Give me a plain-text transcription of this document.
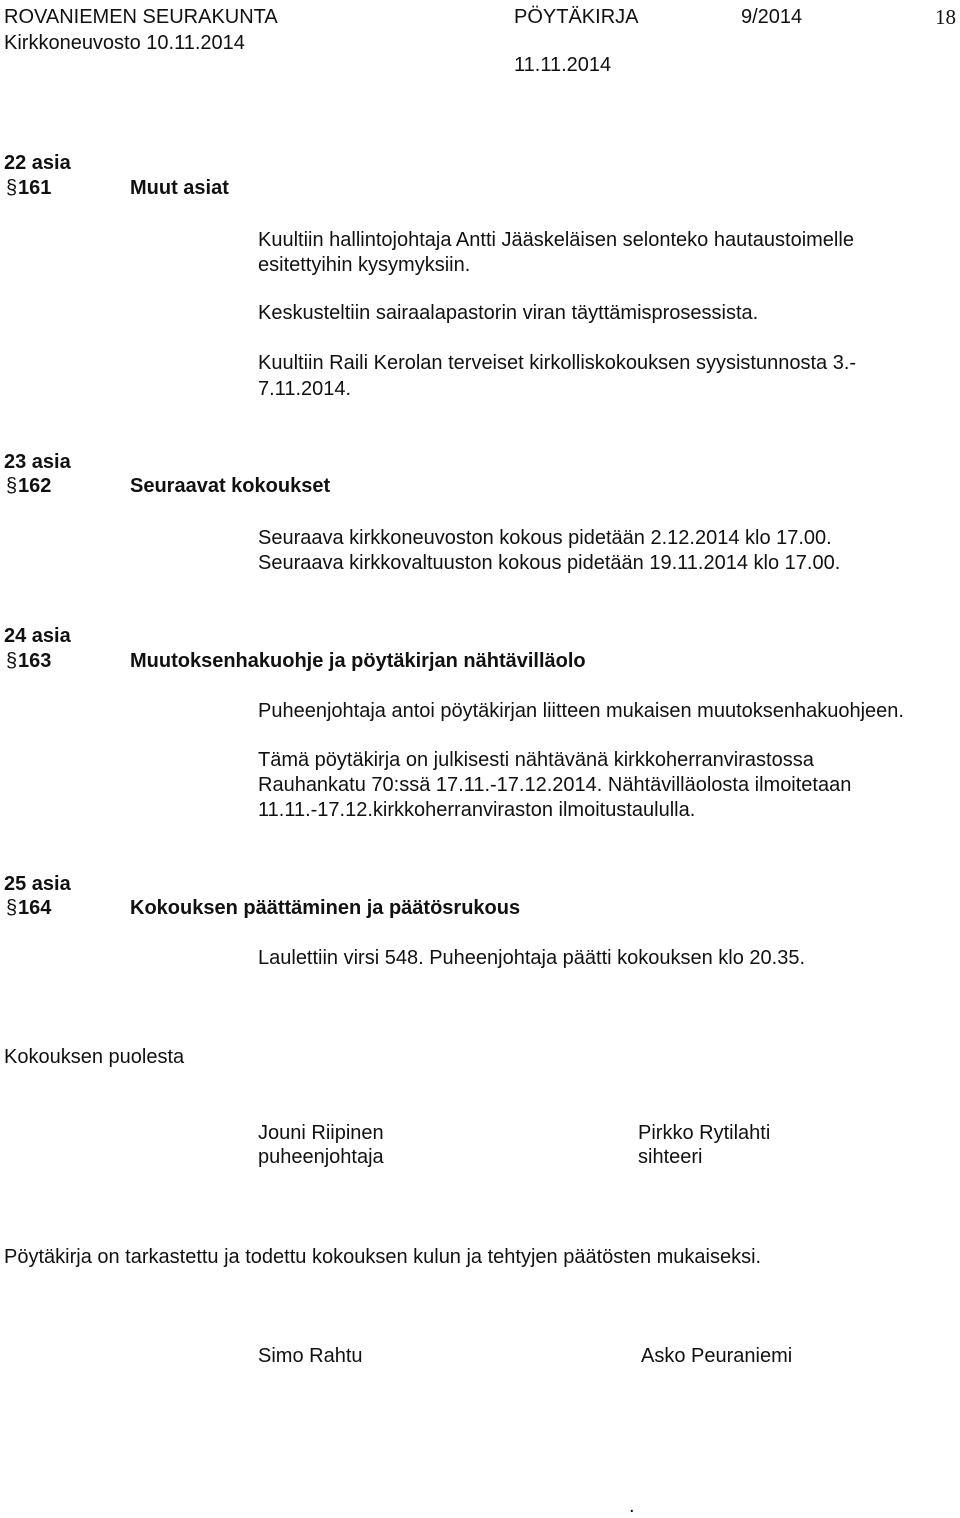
ROVANIEMEN SEURAKUNTA	PÖYTÄKIRJA	9/2014	18
Kirkkoneuvosto 10.11.2014
11.11.2014
22 asia
§ 161	Muut asiat
Kuultiin hallintojohtaja Antti Jääskeläisen selonteko hautaustoimelle
esitettyihin kysymyksiin.
Keskusteltiin sairaalapastorin viran täyttämisprosessista.
Kuultiin Raili Kerolan terveiset kirkolliskokouksen syysistunnosta 3.-
7.11.2014.
23 asia
§ 162	Seuraavat kokoukset
Seuraava kirkkoneuvoston kokous pidetään 2.12.2014 klo 17.00.
Seuraava kirkkovaltuuston kokous pidetään 19.11.2014 klo 17.00.
24 asia
§ 163	Muutoksenhakuohje ja pöytäkirjan nähtävilläolo
Puheenjohtaja antoi pöytäkirjan liitteen mukaisen muutoksenhakuohjeen.
Tämä pöytäkirja on julkisesti nähtävänä kirkkoherranvirastossa
Rauhankatu 70:ssä 17.11.-17.12.2014. Nähtävilläolosta ilmoitetaan
11.11.-17.12.kirkkoherranviraston ilmoitustaululla.
25 asia
§ 164	Kokouksen päättäminen ja päätösrukous
Laulettiin virsi 548. Puheenjohtaja päätti kokouksen klo 20.35.
Kokouksen puolesta
Jouni Riipinen
puheenjohtaja
Pirkko Rytilahti
sihteeri
Pöytäkirja on tarkastettu ja todettu kokouksen kulun ja tehtyjen päätösten mukaiseksi.
Simo Rahtu	Asko Peuraniemi
.
